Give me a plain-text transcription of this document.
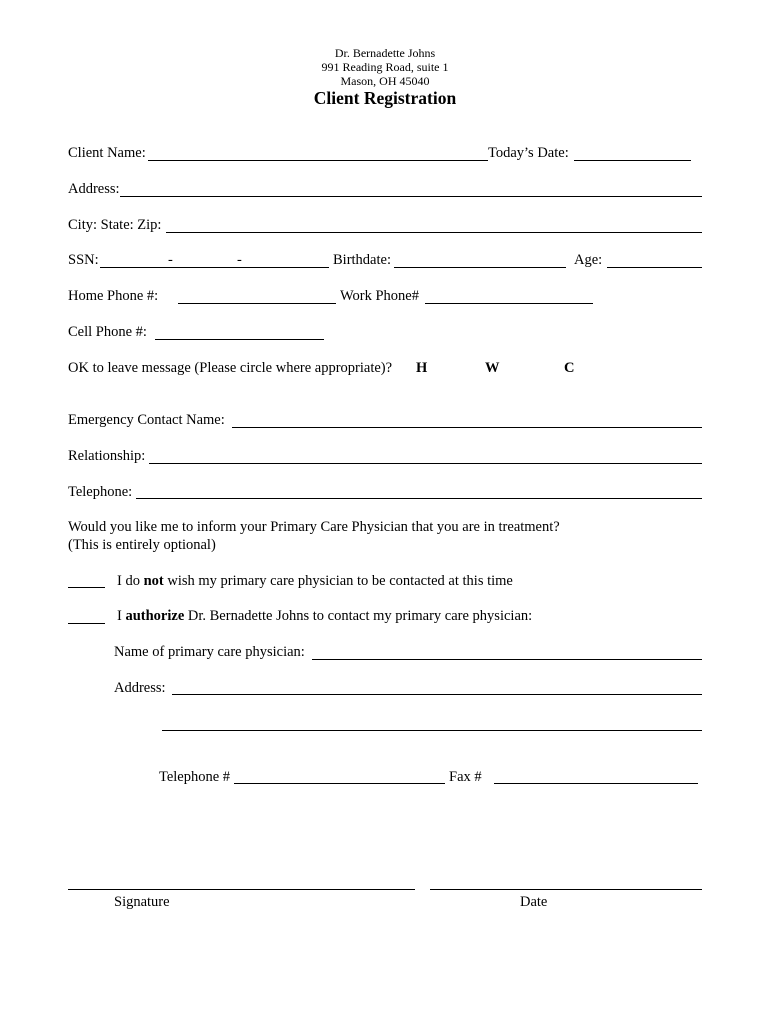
Dr. Bernadette Johns
991 Reading Road, suite 1
Mason, OH 45040
Client Registration
Client Name:	Today’s Date:
Address:
City: State: Zip:
SSN:	-	-	Birthdate:	Age:
Home Phone #:	Work Phone#
Cell Phone #:
OK to leave message (Please circle where appropriate)? H	W	C
Emergency Contact Name:
Relationship:
Telephone:
Would you like me to inform your Primary Care Physician that you are in treatment?
(This is entirely optional)
I do not wish my primary care physician to be contacted at this time
I authorize Dr. Bernadette Johns to contact my primary care physician:
Name of primary care physician:
Address:
Telephone #	Fax #
Signature	Date
